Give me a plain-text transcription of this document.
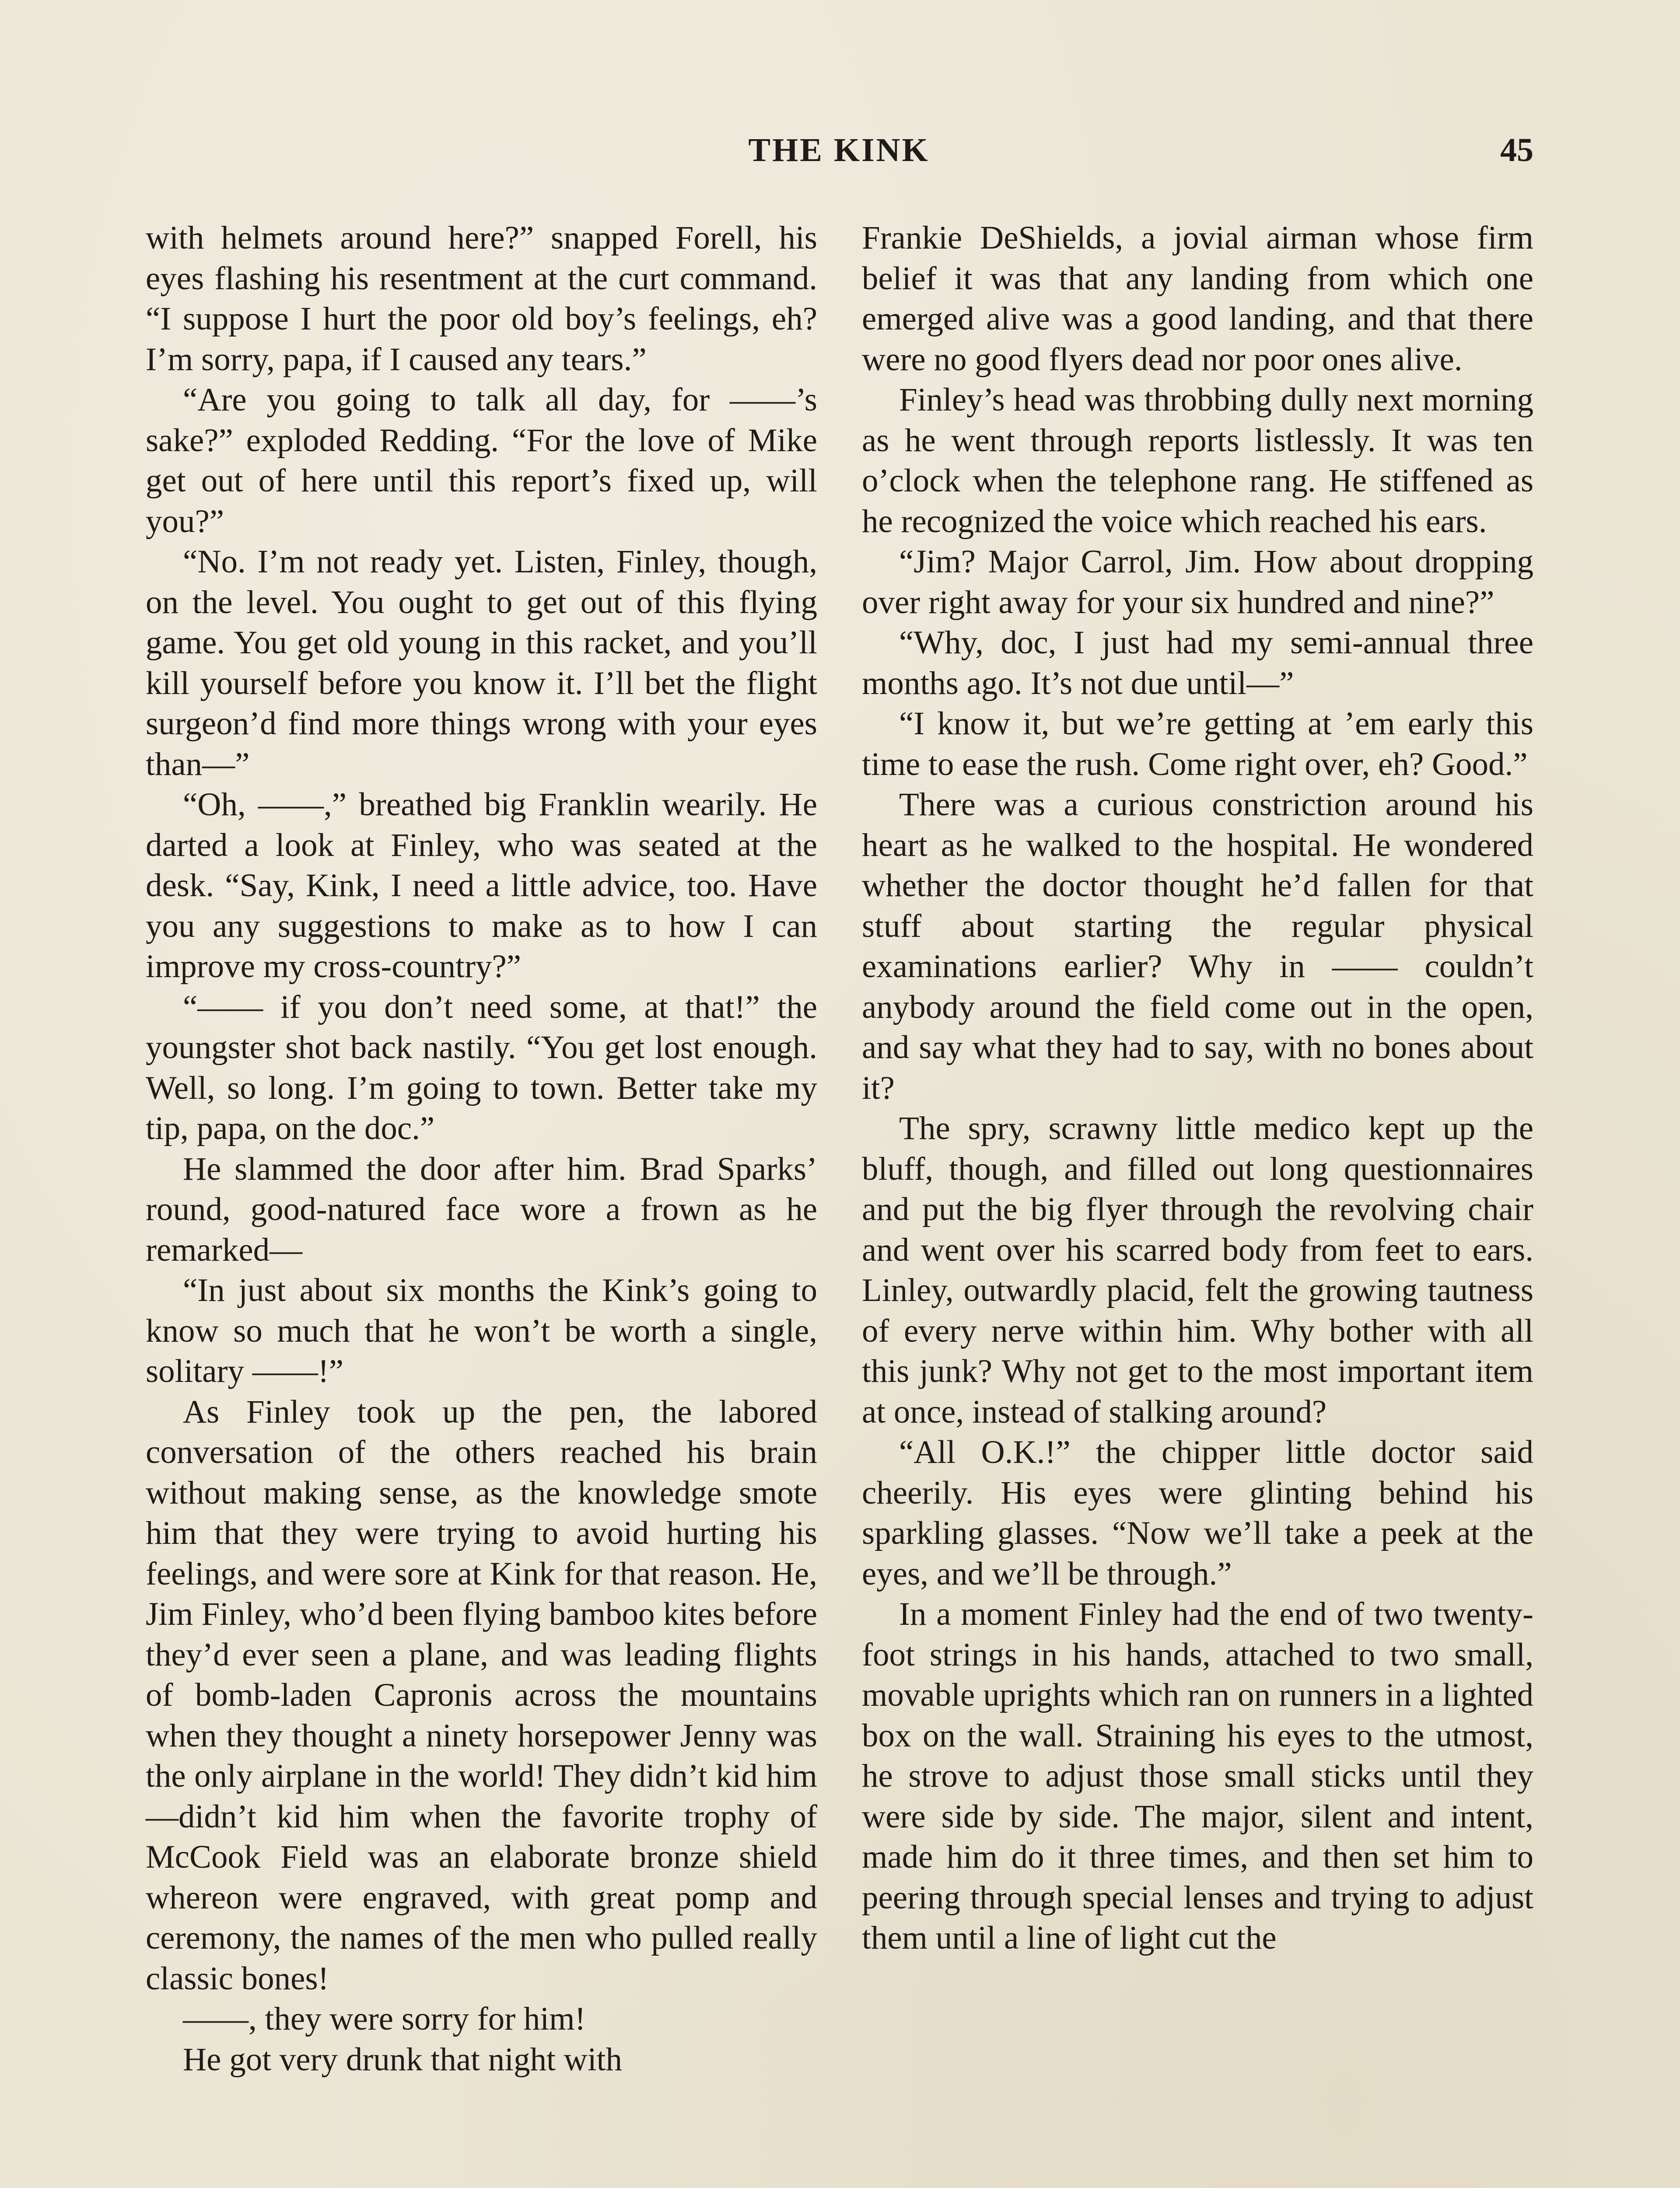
THE KINK	45

with helmets around here?” snapped Forell, his eyes flashing his resentment at the curt command. “I suppose I hurt the poor old boy’s feelings, eh? I’m sorry, papa, if I caused any tears.”

“Are you going to talk all day, for ——’s sake?” exploded Redding. “For the love of Mike get out of here until this report’s fixed up, will you?”

“No. I’m not ready yet. Listen, Finley, though, on the level. You ought to get out of this flying game. You get old young in this racket, and you’ll kill yourself before you know it. I’ll bet the flight surgeon’d find more things wrong with your eyes than—”

“Oh, ——,” breathed big Franklin wearily. He darted a look at Finley, who was seated at the desk. “Say, Kink, I need a little advice, too. Have you any suggestions to make as to how I can improve my cross-country?”

“—— if you don’t need some, at that!” the youngster shot back nastily. “You get lost enough. Well, so long. I’m going to town. Better take my tip, papa, on the doc.”

He slammed the door after him. Brad Sparks’ round, good-natured face wore a frown as he remarked—

“In just about six months the Kink’s going to know so much that he won’t be worth a single, solitary ——!”

As Finley took up the pen, the labored conversation of the others reached his brain without making sense, as the knowledge smote him that they were trying to avoid hurting his feelings, and were sore at Kink for that reason. He, Jim Finley, who’d been flying bamboo kites before they’d ever seen a plane, and was leading flights of bomb-laden Capronis across the mountains when they thought a ninety horsepower Jenny was the only airplane in the world! They didn’t kid him—didn’t kid him when the favorite trophy of McCook Field was an elaborate bronze shield whereon were engraved, with great pomp and ceremony, the names of the men who pulled really classic bones!

——, they were sorry for him!

He got very drunk that night with

Frankie DeShields, a jovial airman whose firm belief it was that any landing from which one emerged alive was a good landing, and that there were no good flyers dead nor poor ones alive.

Finley’s head was throbbing dully next morning as he went through reports listlessly. It was ten o’clock when the telephone rang. He stiffened as he recognized the voice which reached his ears.

“Jim? Major Carrol, Jim. How about dropping over right away for your six hundred and nine?”

“Why, doc, I just had my semi-annual three months ago. It’s not due until—”

“I know it, but we’re getting at ’em early this time to ease the rush. Come right over, eh? Good.”

There was a curious constriction around his heart as he walked to the hospital. He wondered whether the doctor thought he’d fallen for that stuff about starting the regular physical examinations earlier? Why in —— couldn’t anybody around the field come out in the open, and say what they had to say, with no bones about it?

The spry, scrawny little medico kept up the bluff, though, and filled out long questionnaires and put the big flyer through the revolving chair and went over his scarred body from feet to ears. Linley, outwardly placid, felt the growing tautness of every nerve within him. Why bother with all this junk? Why not get to the most important item at once, instead of stalking around?

“All O.K.!” the chipper little doctor said cheerily. His eyes were glinting behind his sparkling glasses. “Now we’ll take a peek at the eyes, and we’ll be through.”

In a moment Finley had the end of two twenty-foot strings in his hands, attached to two small, movable uprights which ran on runners in a lighted box on the wall. Straining his eyes to the utmost, he strove to adjust those small sticks until they were side by side. The major, silent and intent, made him do it three times, and then set him to peering through special lenses and trying to adjust them until a line of light cut the
